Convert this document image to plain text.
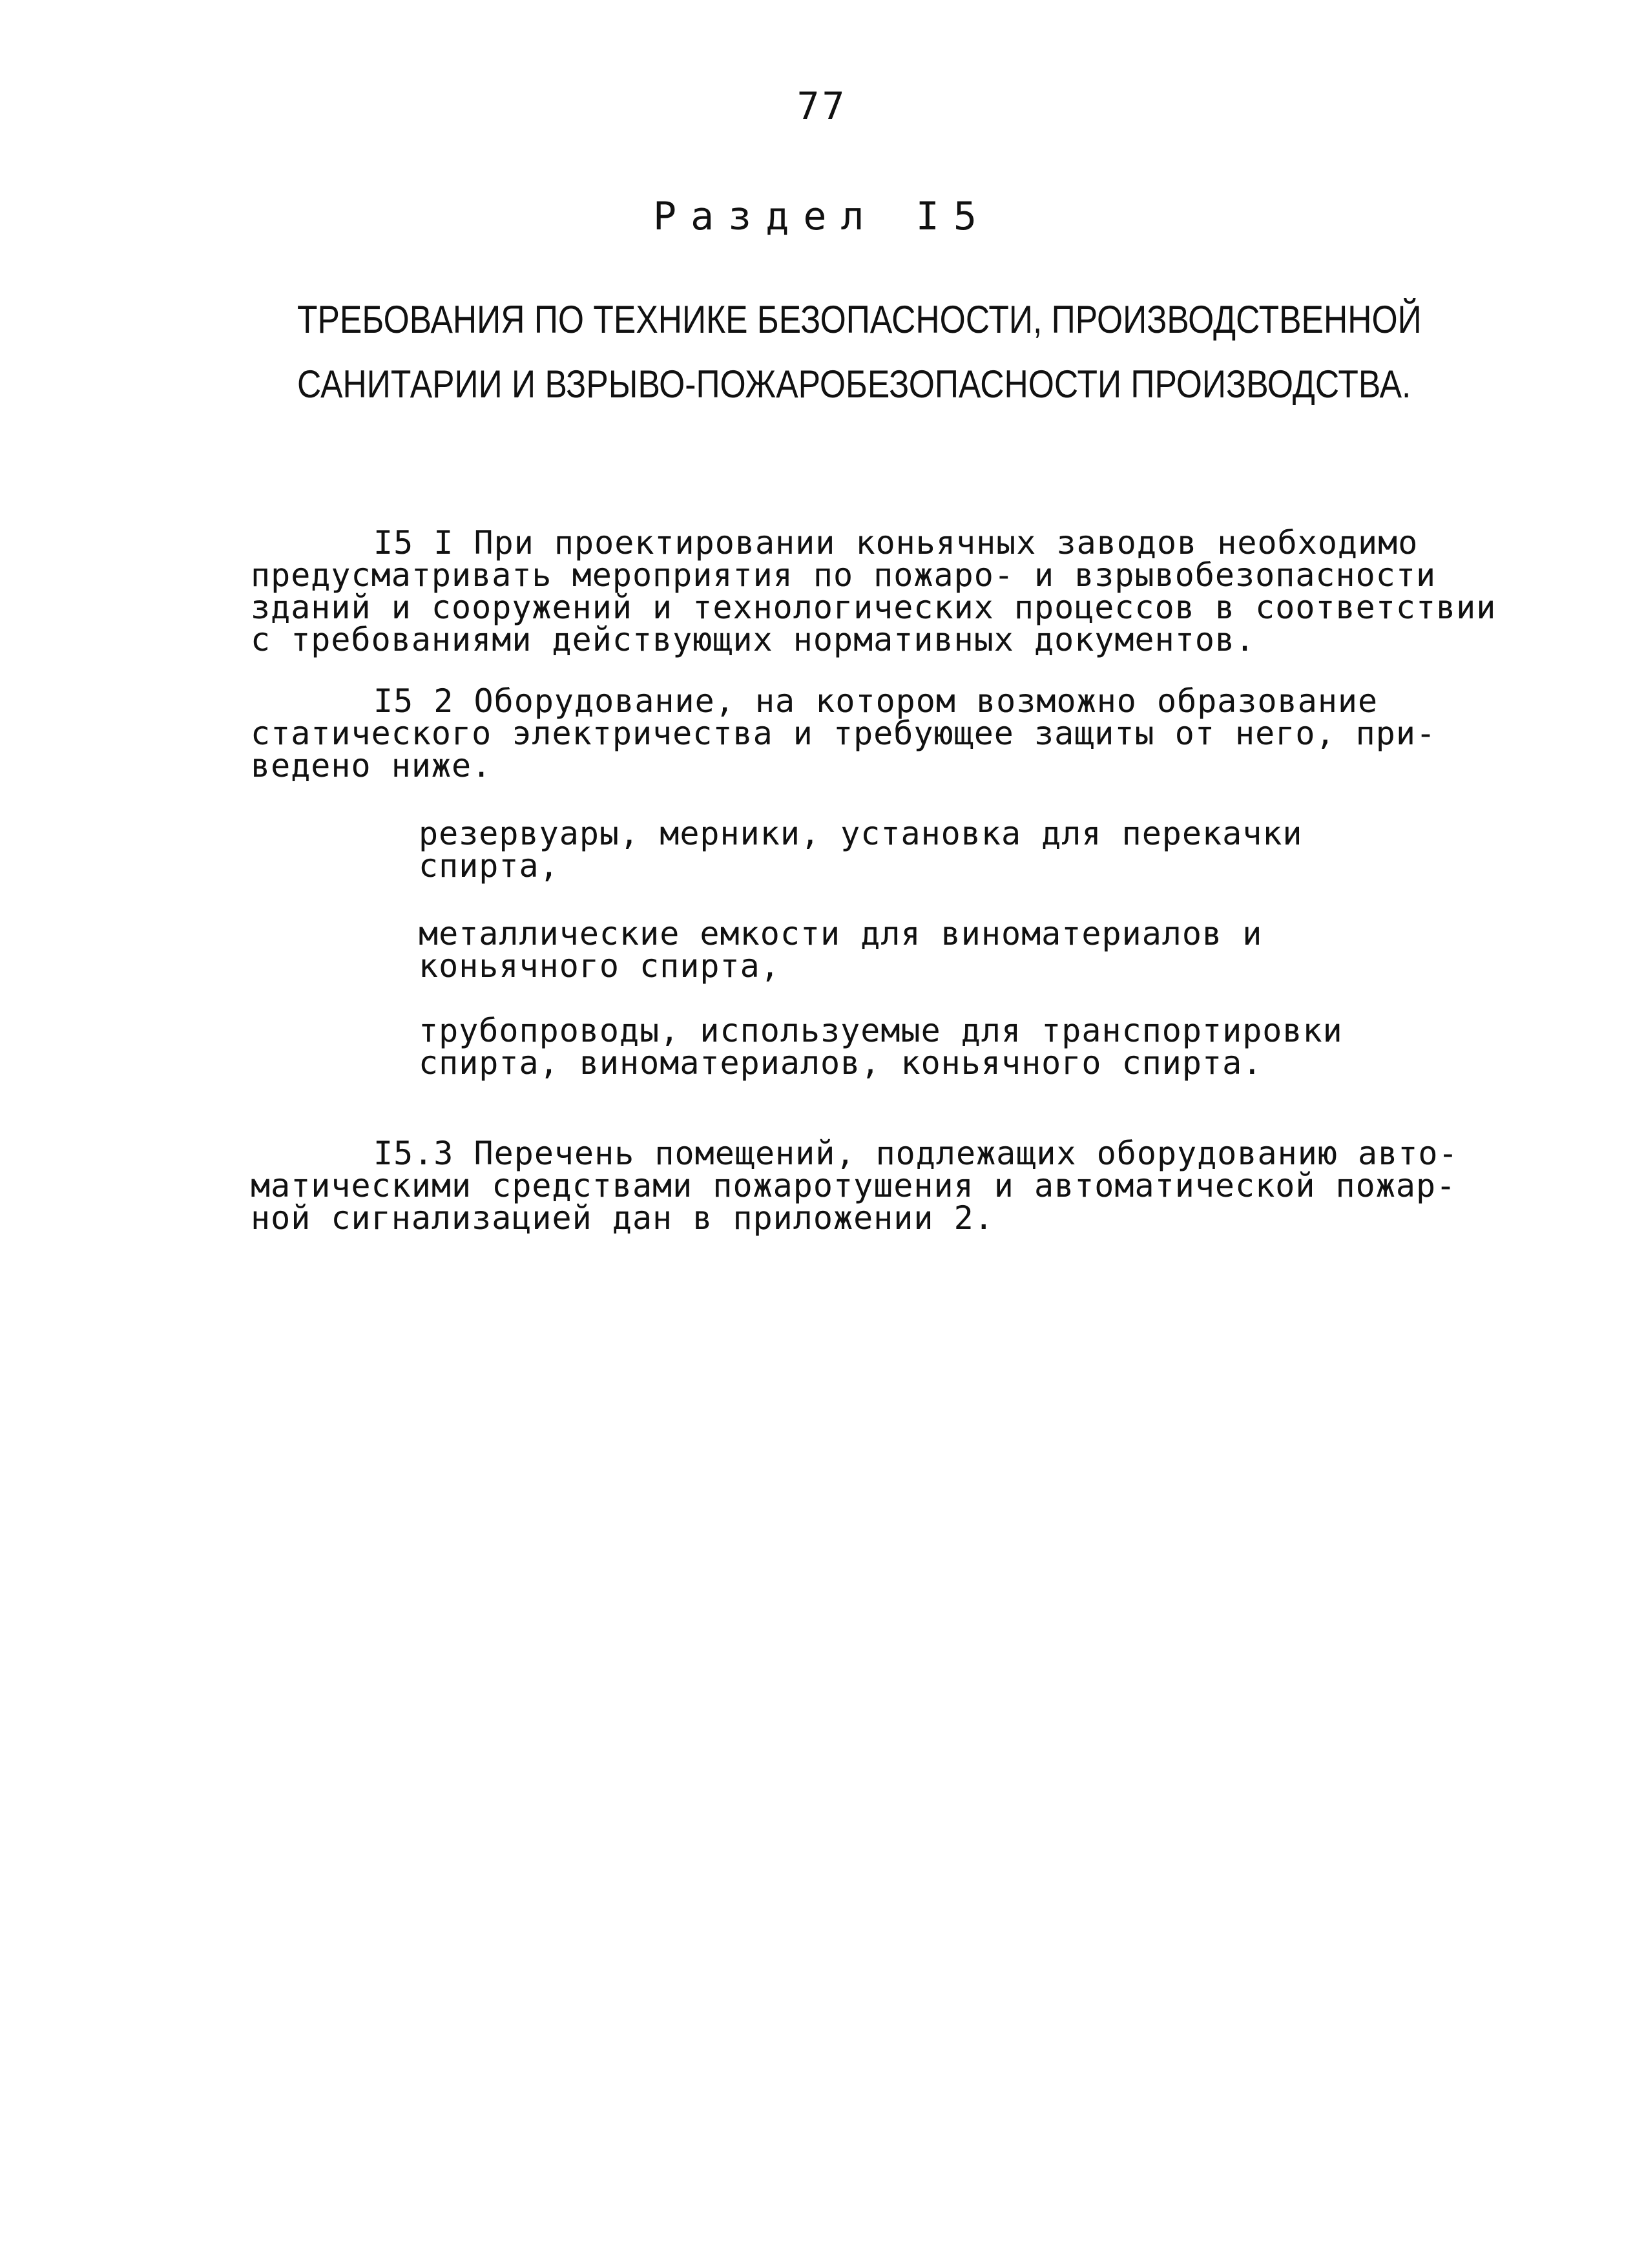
77
Раздел I5
ТРЕБОВАНИЯ ПО ТЕХНИКЕ БЕЗОПАСНОСТИ, ПРОИЗВОДСТВЕННОЙ
САНИТАРИИ И ВЗРЫВО-ПОЖАРОБЕЗОПАСНОСТИ ПРОИЗВОДСТВА.
I5 I При проектировании коньячных заводов необходимо
предусматривать мероприятия по пожаро- и взрывобезопасности
зданий и сооружений и технологических процессов в соответствии
с требованиями действующих нормативных документов.
I5 2 Оборудование, на котором возможно образование
статического электричества и требующее защиты от него, при-
ведено ниже.
резервуары, мерники, установка для перекачки
спирта,
металлические емкости для виноматериалов и
коньячного спирта,
трубопроводы, используемые для транспортировки
спирта, виноматериалов, коньячного спирта.
I5.3 Перечень помещений, подлежащих оборудованию авто-
матическими средствами пожаротушения и автоматической пожар-
ной сигнализацией дан в приложении 2.
